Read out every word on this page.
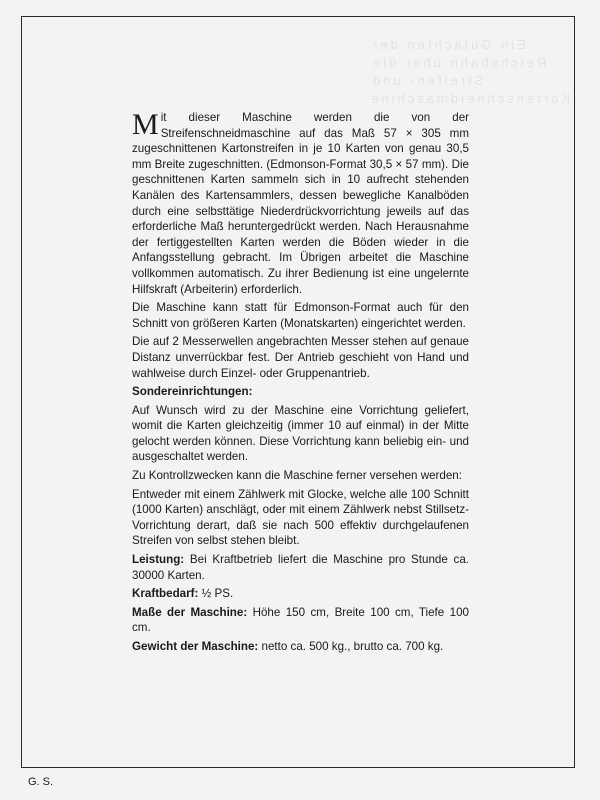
Ein Gutachten der Reichsbahn über die Streifen- und Kartenschneidmaschine

Mit dieser Maschine werden die von der Streifenschneidmaschine auf das Maß 57 × 305 mm zugeschnittenen Kartonstreifen in je 10 Karten von genau 30,5 mm Breite zugeschnitten. (Edmonson-Format 30,5 × 57 mm). Die geschnittenen Karten sammeln sich in 10 aufrecht stehenden Kanälen des Kartensammlers, dessen bewegliche Kanalböden durch eine selbsttätige Niederdrückvorrichtung jeweils auf das erforderliche Maß heruntergedrückt werden. Nach Herausnahme der fertiggestellten Karten werden die Böden wieder in die Anfangsstellung gebracht. Im Übrigen arbeitet die Maschine vollkommen automatisch. Zu ihrer Bedienung ist eine ungelernte Hilfskraft (Arbeiterin) erforderlich.

Die Maschine kann statt für Edmonson-Format auch für den Schnitt von größeren Karten (Monatskarten) eingerichtet werden.

Die auf 2 Messerwellen angebrachten Messer stehen auf genaue Distanz unverrückbar fest. Der Antrieb geschieht von Hand und wahlweise durch Einzel- oder Gruppenantrieb.

Sondereinrichtungen:

Auf Wunsch wird zu der Maschine eine Vorrichtung geliefert, womit die Karten gleichzeitig (immer 10 auf einmal) in der Mitte gelocht werden können. Diese Vorrichtung kann beliebig ein- und ausgeschaltet werden.

Zu Kontrollzwecken kann die Maschine ferner versehen werden:

Entweder mit einem Zählwerk mit Glocke, welche alle 100 Schnitt (1000 Karten) anschlägt, oder mit einem Zählwerk nebst Stillsetz-Vorrichtung derart, daß sie nach 500 effektiv durchgelaufenen Streifen von selbst stehen bleibt.

Leistung: Bei Kraftbetrieb liefert die Maschine pro Stunde ca. 30000 Karten.

Kraftbedarf: ½ PS.

Maße der Maschine: Höhe 150 cm, Breite 100 cm, Tiefe 100 cm.

Gewicht der Maschine: netto ca. 500 kg., brutto ca. 700 kg.

G. S.
